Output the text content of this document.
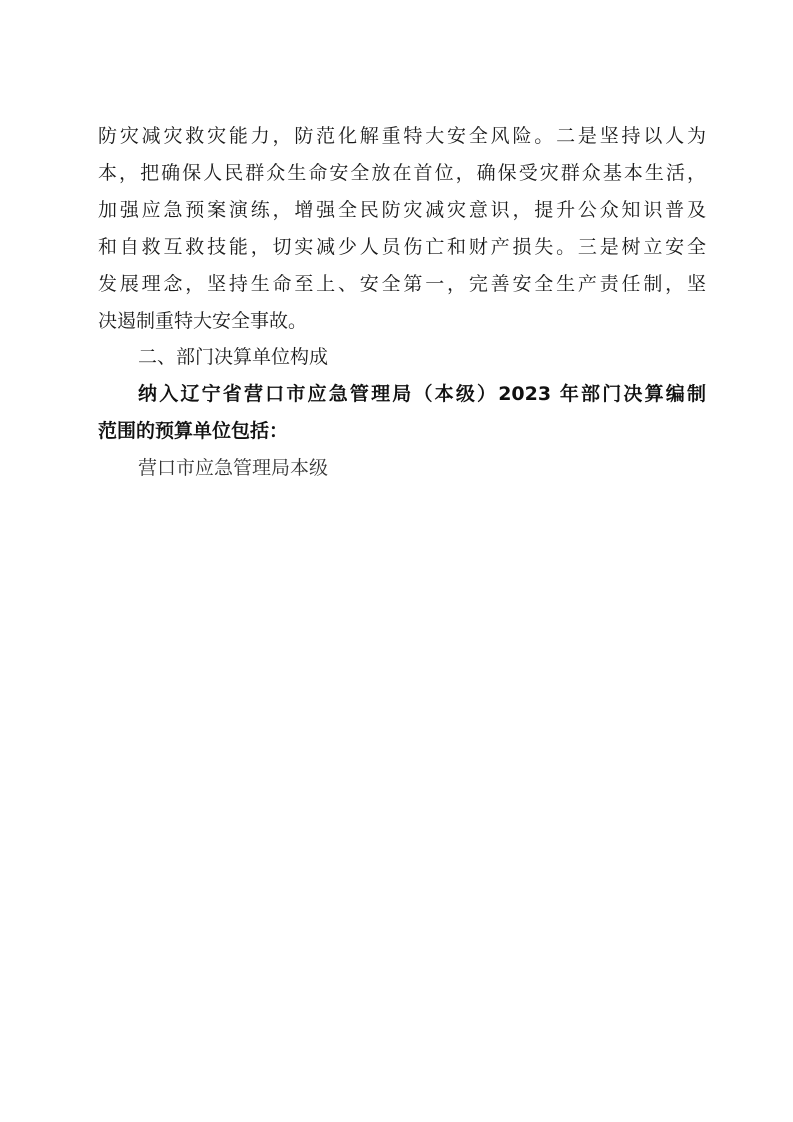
防灾减灾救灾能力，防范化解重特大安全风险。二是坚持以人为
本，把确保人民群众生命安全放在首位，确保受灾群众基本生活，
加强应急预案演练，增强全民防灾减灾意识，提升公众知识普及
和自救互救技能，切实减少人员伤亡和财产损失。三是树立安全
发展理念，坚持生命至上、安全第一，完善安全生产责任制，坚
决遏制重特大安全事故。
二、部门决算单位构成
纳入辽宁省营口市应急管理局（本级）2023 年部门决算编制
范围的预算单位包括：
营口市应急管理局本级
